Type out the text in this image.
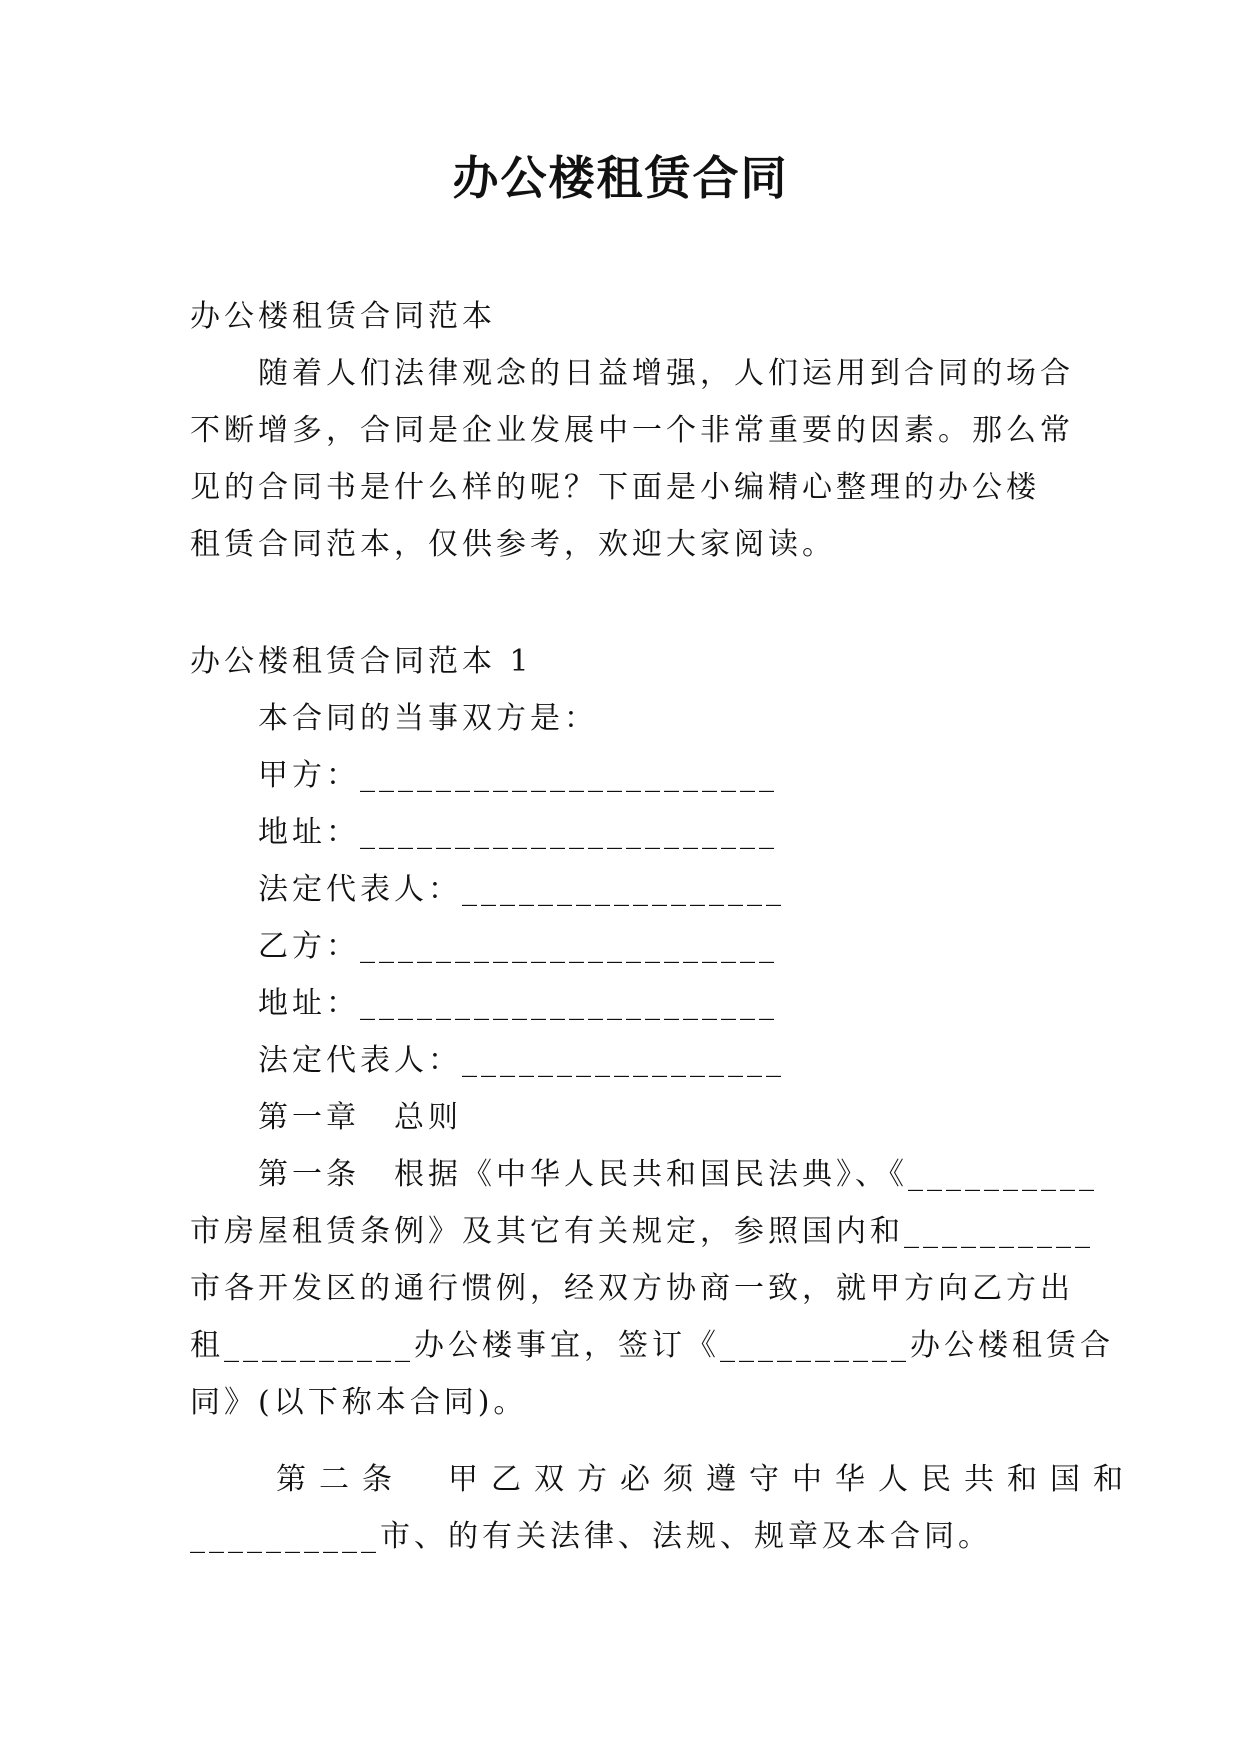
办公楼租赁合同
办公楼租赁合同范本
　　随着人们法律观念的日益增强，人们运用到合同的场合
不断增多，合同是企业发展中一个非常重要的因素。那么常
见的合同书是什么样的呢？下面是小编精心整理的办公楼
租赁合同范本，仅供参考，欢迎大家阅读。
办公楼租赁合同范本 1
　　本合同的当事双方是：
　　甲方：______________________
　　地址：______________________
　　法定代表人：_________________
　　乙方：______________________
　　地址：______________________
　　法定代表人：_________________
　　第一章　总则
　　第一条　根据《中华人民共和国民法典》、《__________
市房屋租赁条例》及其它有关规定，参照国内和__________
市各开发区的通行惯例，经双方协商一致，就甲方向乙方出
租__________办公楼事宜，签订《__________办公楼租赁合
同》(以下称本合同)。
　　第二条　甲乙双方必须遵守中华人民共和国和
__________市、的有关法律、法规、规章及本合同。
